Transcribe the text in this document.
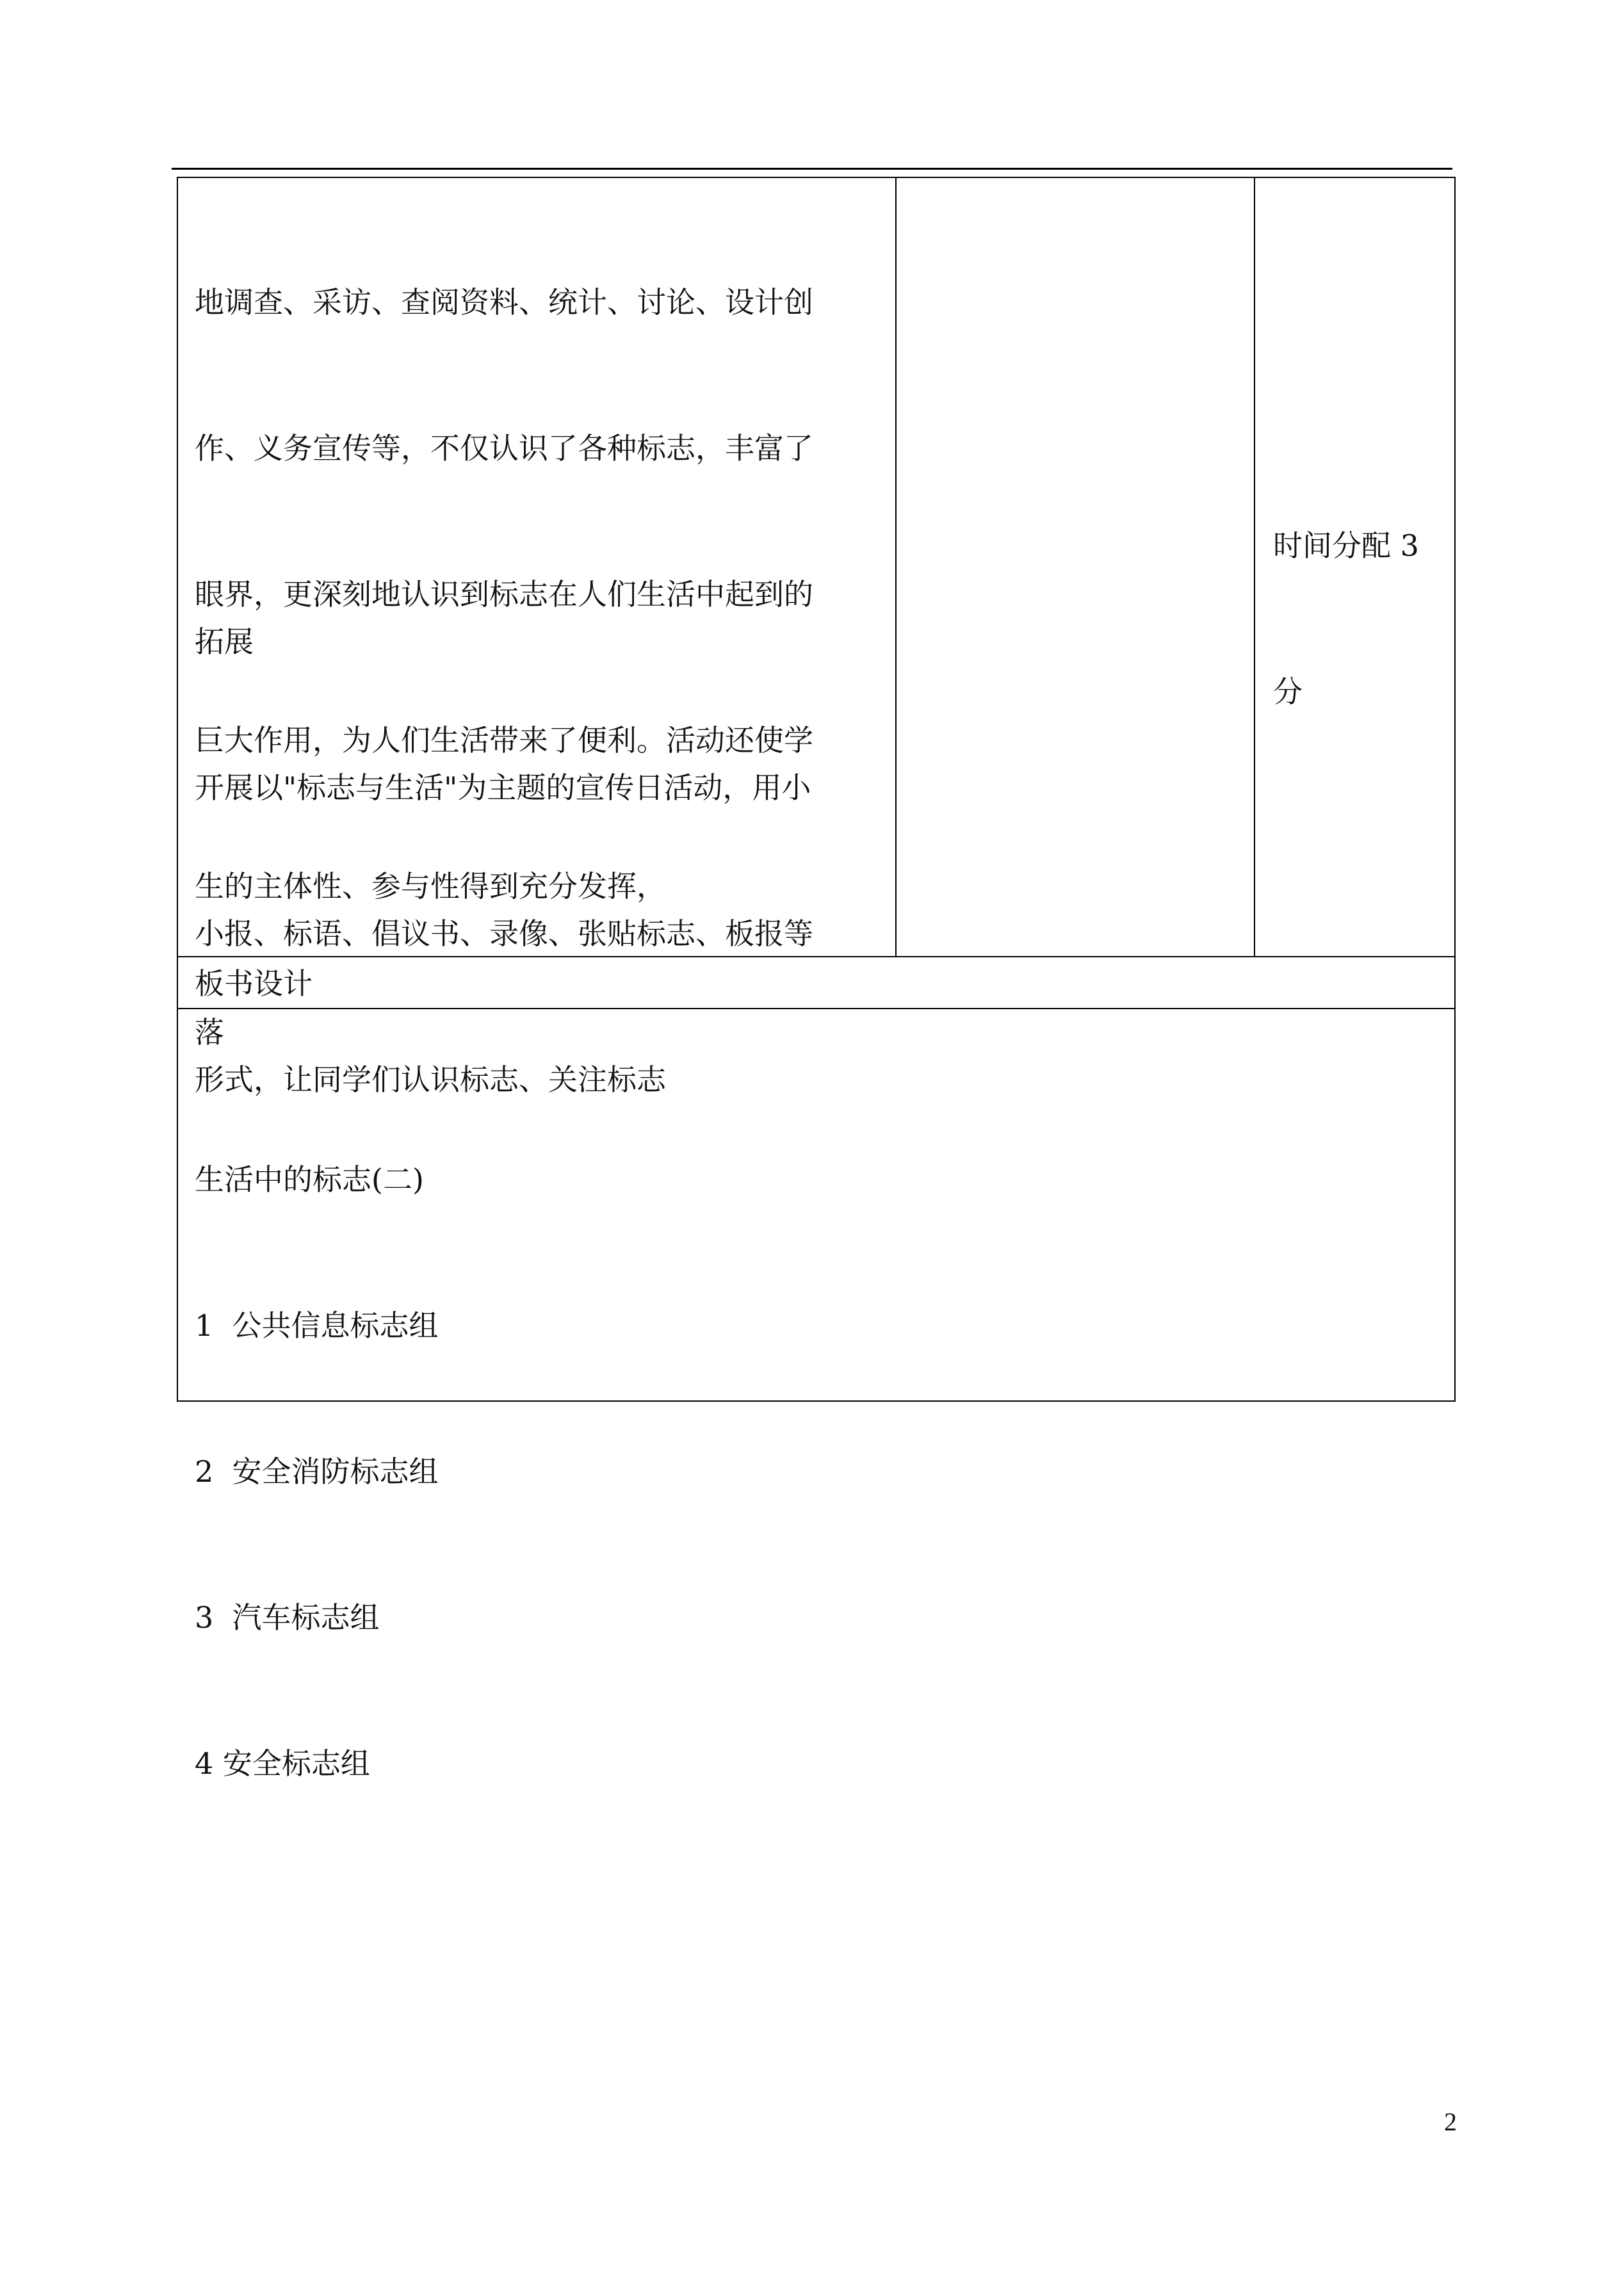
地调查、采访、查阅资料、统计、讨论、设计创

作、义务宣传等，不仅认识了各种标志，丰富了

眼界，更深刻地认识到标志在人们生活中起到的

巨大作用，为人们生活带来了便利。活动还使学

生的主体性、参与性得到充分发挥，

落

拓展

开展以"标志与生活"为主题的宣传日活动，用小

小报、标语、倡议书、录像、张贴标志、板报等

形式，让同学们认识标志、关注标志

时间分配 3

分

板书设计

生活中的标志(二)

1  公共信息标志组

2  安全消防标志组

3  汽车标志组

4 安全标志组

2
